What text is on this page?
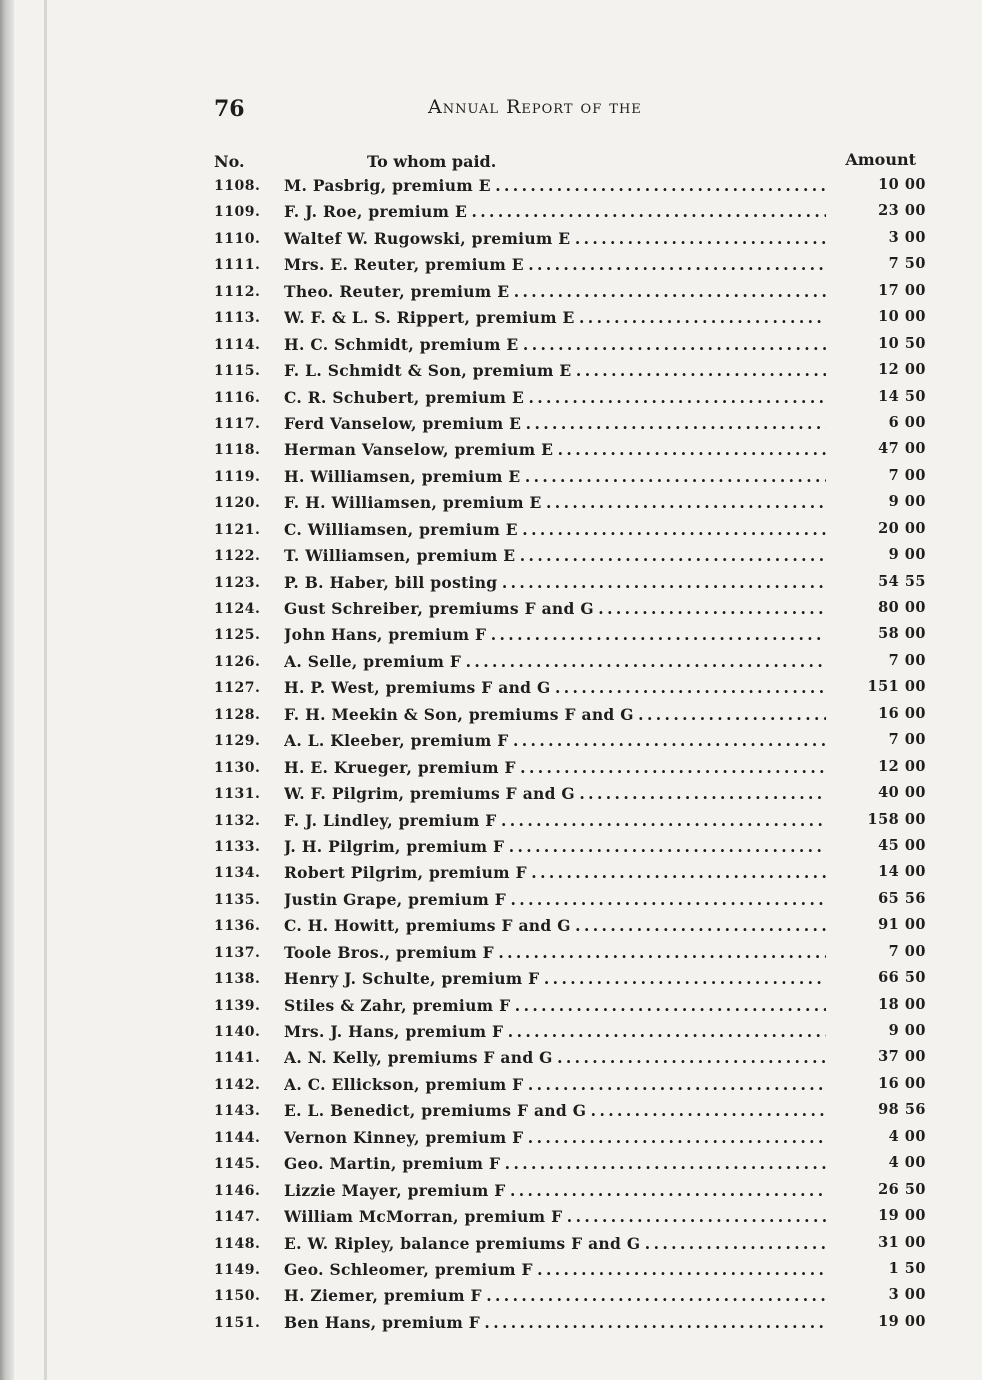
76	Annual Report of the
No.	To whom paid.	Amount
1108. M. Pasbrig, premium E . . .	10 00
1109. F. J. Roe, premium E . . .	23 00
1110. Waltef W. Rugowski, premium E . . .	3 00
1111. Mrs. E. Reuter, premium E . . .	7 50
1112. Theo. Reuter, premium E . . .	17 00
1113. W. F. & L. S. Rippert, premium E . . .	10 00
1114. H. C. Schmidt, premium E . . .	10 50
1115. F. L. Schmidt & Son, premium E . . .	12 00
1116. C. R. Schubert, premium E . . .	14 50
1117. Ferd Vanselow, premium E . . .	6 00
1118. Herman Vanselow, premium E . . .	47 00
1119. H. Williamsen, premium E . . .	7 00
1120. F. H. Williamsen, premium E . . .	9 00
1121. C. Williamsen, premium E . . .	20 00
1122. T. Williamsen, premium E . . .	9 00
1123. P. B. Haber, bill posting . . .	54 55
1124. Gust Schreiber, premiums F and G . . .	80 00
1125. John Hans, premium F . . .	58 00
1126. A. Selle, premium F . . .	7 00
1127. H. P. West, premiums F and G . . .	151 00
1128. F. H. Meekin & Son, premiums F and G . . .	16 00
1129. A. L. Kleeber, premium F . . .	7 00
1130. H. E. Krueger, premium F . . .	12 00
1131. W. F. Pilgrim, premiums F and G . . .	40 00
1132. F. J. Lindley, premium F . . .	158 00
1133. J. H. Pilgrim, premium F . . .	45 00
1134. Robert Pilgrim, premium F . . .	14 00
1135. Justin Grape, premium F . . .	65 56
1136. C. H. Howitt, premiums F and G . . .	91 00
1137. Toole Bros., premium F . . .	7 00
1138. Henry J. Schulte, premium F . . .	66 50
1139. Stiles & Zahr, premium F . . .	18 00
1140. Mrs. J. Hans, premium F . . .	9 00
1141. A. N. Kelly, premiums F and G . . .	37 00
1142. A. C. Ellickson, premium F . . .	16 00
1143. E. L. Benedict, premiums F and G . . .	98 56
1144. Vernon Kinney, premium F . . .	4 00
1145. Geo. Martin, premium F . . .	4 00
1146. Lizzie Mayer, premium F . . .	26 50
1147. William McMorran, premium F . . .	19 00
1148. E. W. Ripley, balance premiums F and G . . .	31 00
1149. Geo. Schleomer, premium F . . .	1 50
1150. H. Ziemer, premium F . . .	3 00
1151. Ben Hans, premium F . . .	19 00
